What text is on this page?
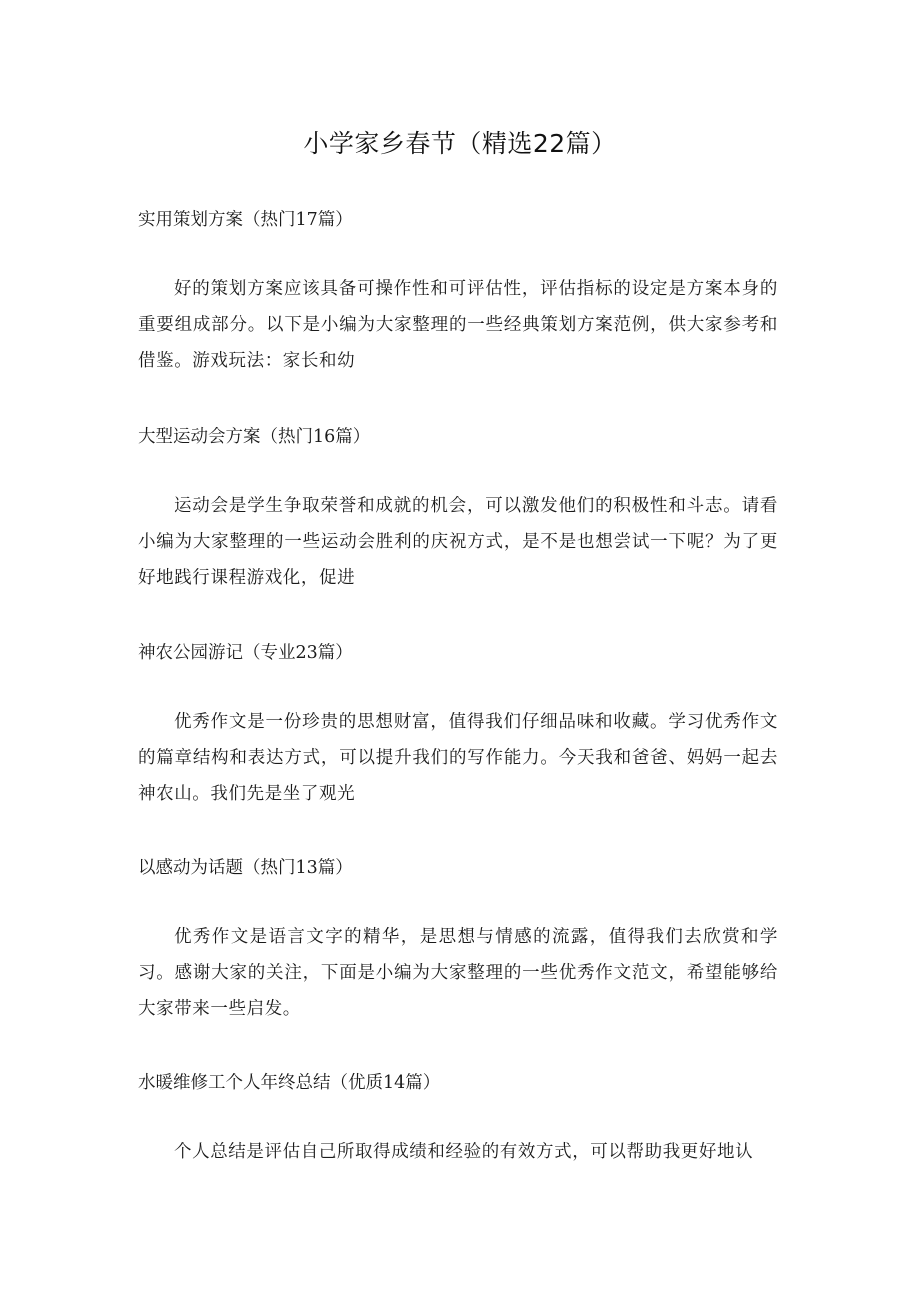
小学家乡春节（精选22篇）

实用策划方案（热门17篇）

好的策划方案应该具备可操作性和可评估性，评估指标的设定是方案本身的重要组成部分。以下是小编为大家整理的一些经典策划方案范例，供大家参考和借鉴。游戏玩法：家长和幼

大型运动会方案（热门16篇）

运动会是学生争取荣誉和成就的机会，可以激发他们的积极性和斗志。请看小编为大家整理的一些运动会胜利的庆祝方式，是不是也想尝试一下呢？为了更好地践行课程游戏化，促进

神农公园游记（专业23篇）

优秀作文是一份珍贵的思想财富，值得我们仔细品味和收藏。学习优秀作文的篇章结构和表达方式，可以提升我们的写作能力。今天我和爸爸、妈妈一起去神农山。我们先是坐了观光

以感动为话题（热门13篇）

优秀作文是语言文字的精华，是思想与情感的流露，值得我们去欣赏和学习。感谢大家的关注，下面是小编为大家整理的一些优秀作文范文，希望能够给大家带来一些启发。

水暖维修工个人年终总结（优质14篇）

个人总结是评估自己所取得成绩和经验的有效方式，可以帮助我更好地认
